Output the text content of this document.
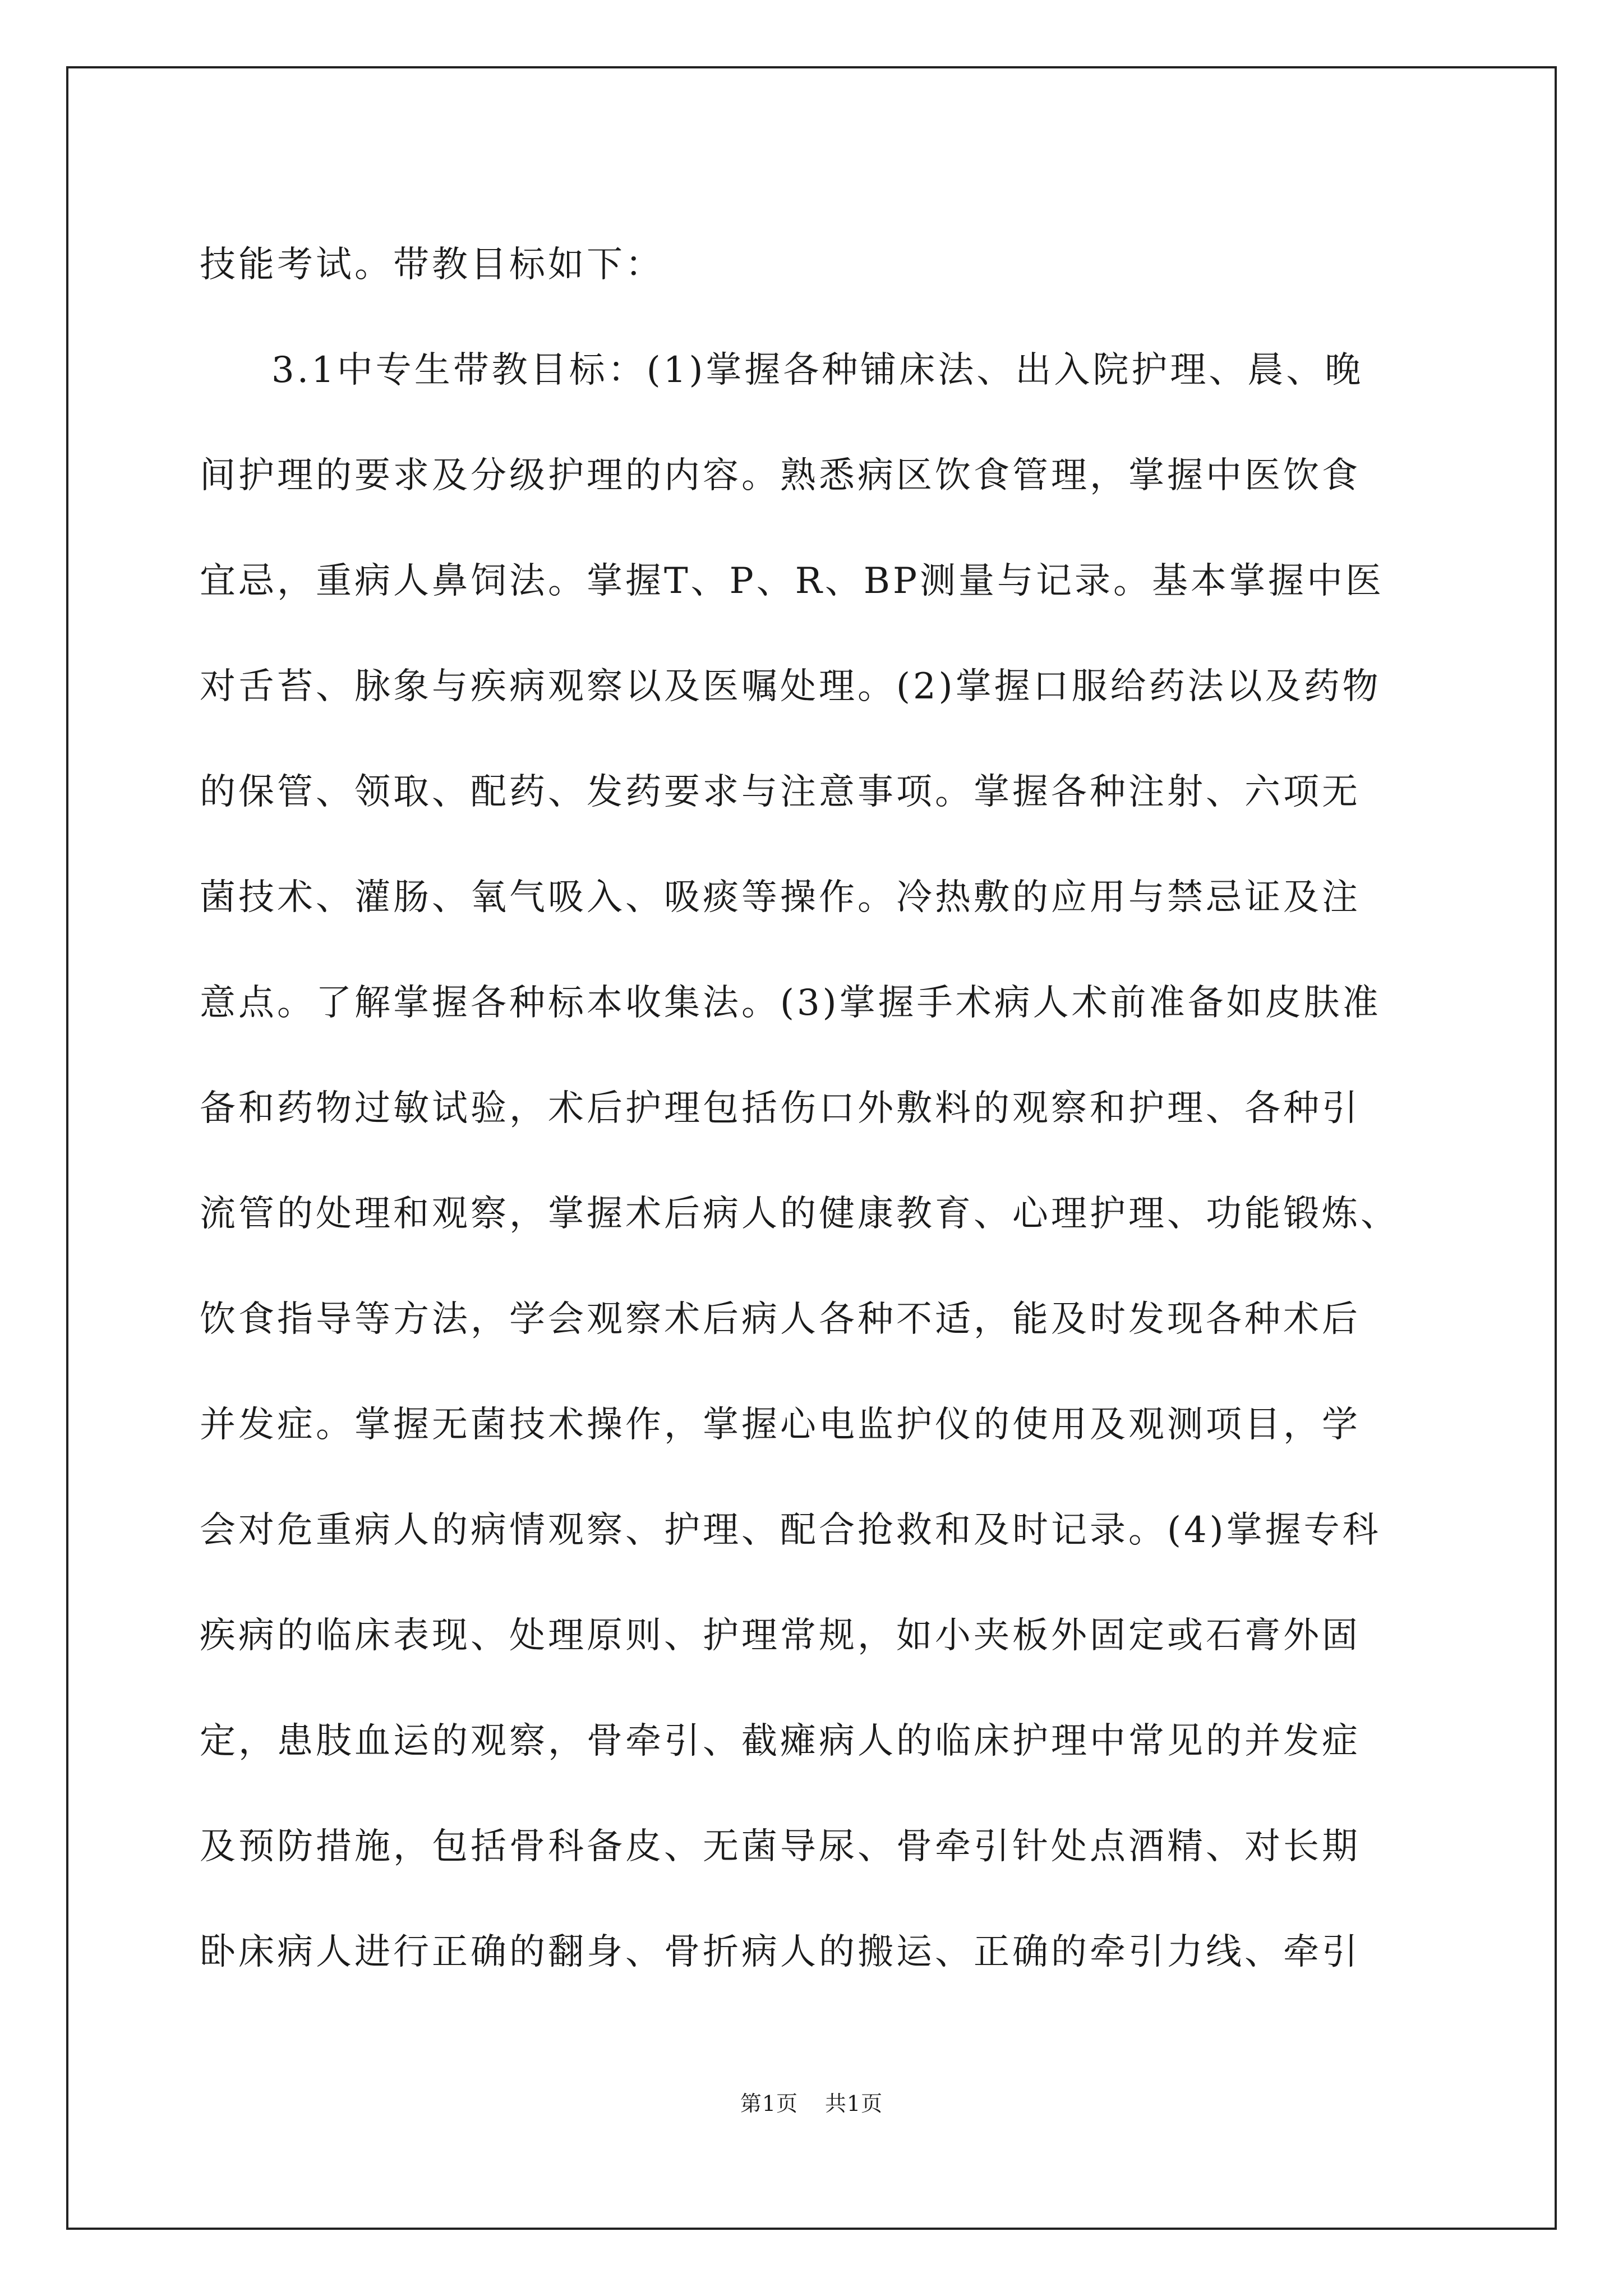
技能考试。带教目标如下：
3.1中专生带教目标：(1)掌握各种铺床法、出入院护理、晨、晚
间护理的要求及分级护理的内容。熟悉病区饮食管理，掌握中医饮食
宜忌，重病人鼻饲法。掌握T、P、R、BP测量与记录。基本掌握中医
对舌苔、脉象与疾病观察以及医嘱处理。(2)掌握口服给药法以及药物
的保管、领取、配药、发药要求与注意事项。掌握各种注射、六项无
菌技术、灌肠、氧气吸入、吸痰等操作。冷热敷的应用与禁忌证及注
意点。了解掌握各种标本收集法。(3)掌握手术病人术前准备如皮肤准
备和药物过敏试验，术后护理包括伤口外敷料的观察和护理、各种引
流管的处理和观察，掌握术后病人的健康教育、心理护理、功能锻炼、
饮食指导等方法，学会观察术后病人各种不适，能及时发现各种术后
并发症。掌握无菌技术操作，掌握心电监护仪的使用及观测项目，学
会对危重病人的病情观察、护理、配合抢救和及时记录。(4)掌握专科
疾病的临床表现、处理原则、护理常规，如小夹板外固定或石膏外固
定，患肢血运的观察，骨牵引、截瘫病人的临床护理中常见的并发症
及预防措施，包括骨科备皮、无菌导尿、骨牵引针处点酒精、对长期
卧床病人进行正确的翻身、骨折病人的搬运、正确的牵引力线、牵引
第1页 共1页
